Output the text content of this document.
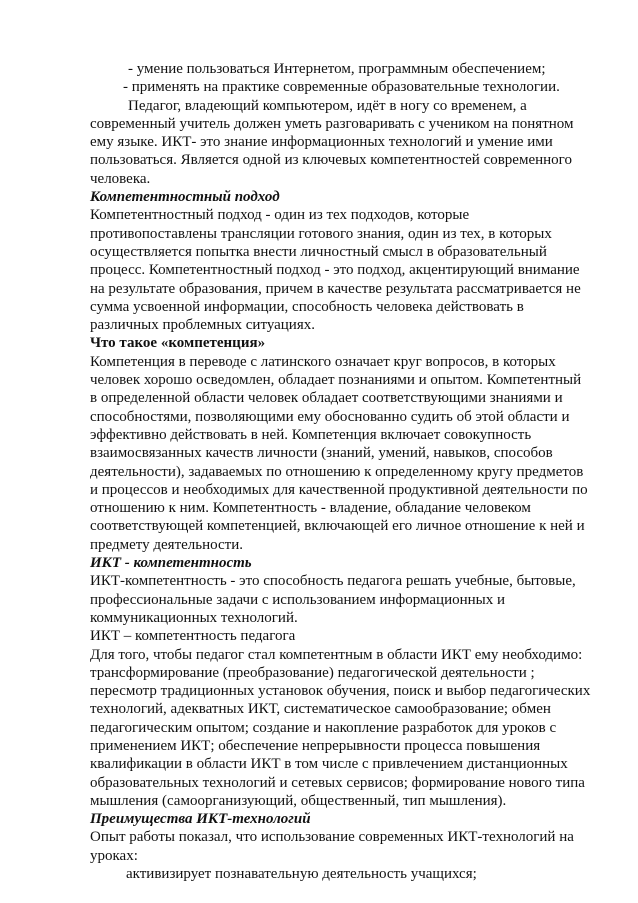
- умение пользоваться Интернетом, программным обеспечением;
- применять на практике современные образовательные технологии.
Педагог, владеющий компьютером, идёт в ногу со временем, а
современный учитель должен уметь разговаривать с учеником на понятном
ему языке. ИКТ- это знание информационных технологий и умение ими
пользоваться. Является одной из ключевых компетентностей современного
человека.
Компетентностный подход
Компетентностный подход - один из тех подходов, которые
противопоставлены трансляции готового знания, один из тех, в которых
осуществляется попытка внести личностный смысл в образовательный
процесс. Компетентностный подход - это подход, акцентирующий внимание
на результате образования, причем в качестве результата рассматривается не
сумма усвоенной информации, способность человека действовать в
различных проблемных ситуациях.
Что такое «компетенция»
Компетенция в переводе с латинского означает круг вопросов, в которых
человек хорошо осведомлен, обладает познаниями и опытом. Компетентный
в определенной области человек обладает соответствующими знаниями и
способностями, позволяющими ему обоснованно судить об этой области и
эффективно действовать в ней. Компетенция включает совокупность
взаимосвязанных качеств личности (знаний, умений, навыков, способов
деятельности), задаваемых по отношению к определенному кругу предметов
и процессов и необходимых для качественной продуктивной деятельности по
отношению к ним. Компетентность - владение, обладание человеком
соответствующей компетенцией, включающей его личное отношение к ней и
предмету деятельности.
ИКТ - компетентность
ИКТ-компетентность - это способность педагога решать учебные, бытовые,
профессиональные задачи с использованием информационных и
коммуникационных технологий.
ИКТ – компетентность педагога
Для того, чтобы педагог стал компетентным в области ИКТ ему необходимо:
трансформирование (преобразование) педагогической деятельности ;
пересмотр традиционных установок обучения, поиск и выбор педагогических
технологий, адекватных ИКТ, систематическое самообразование; обмен
педагогическим опытом; создание и накопление разработок для уроков с
применением ИКТ; обеспечение непрерывности процесса повышения
квалификации в области ИКТ в том числе с привлечением дистанционных
образовательных технологий и сетевых сервисов; формирование нового типа
мышления (самоорганизующий, общественный, тип мышления).
Преимущества ИКТ-технологий
Опыт работы показал, что использование современных ИКТ-технологий на
уроках:
активизирует познавательную деятельность учащихся;
